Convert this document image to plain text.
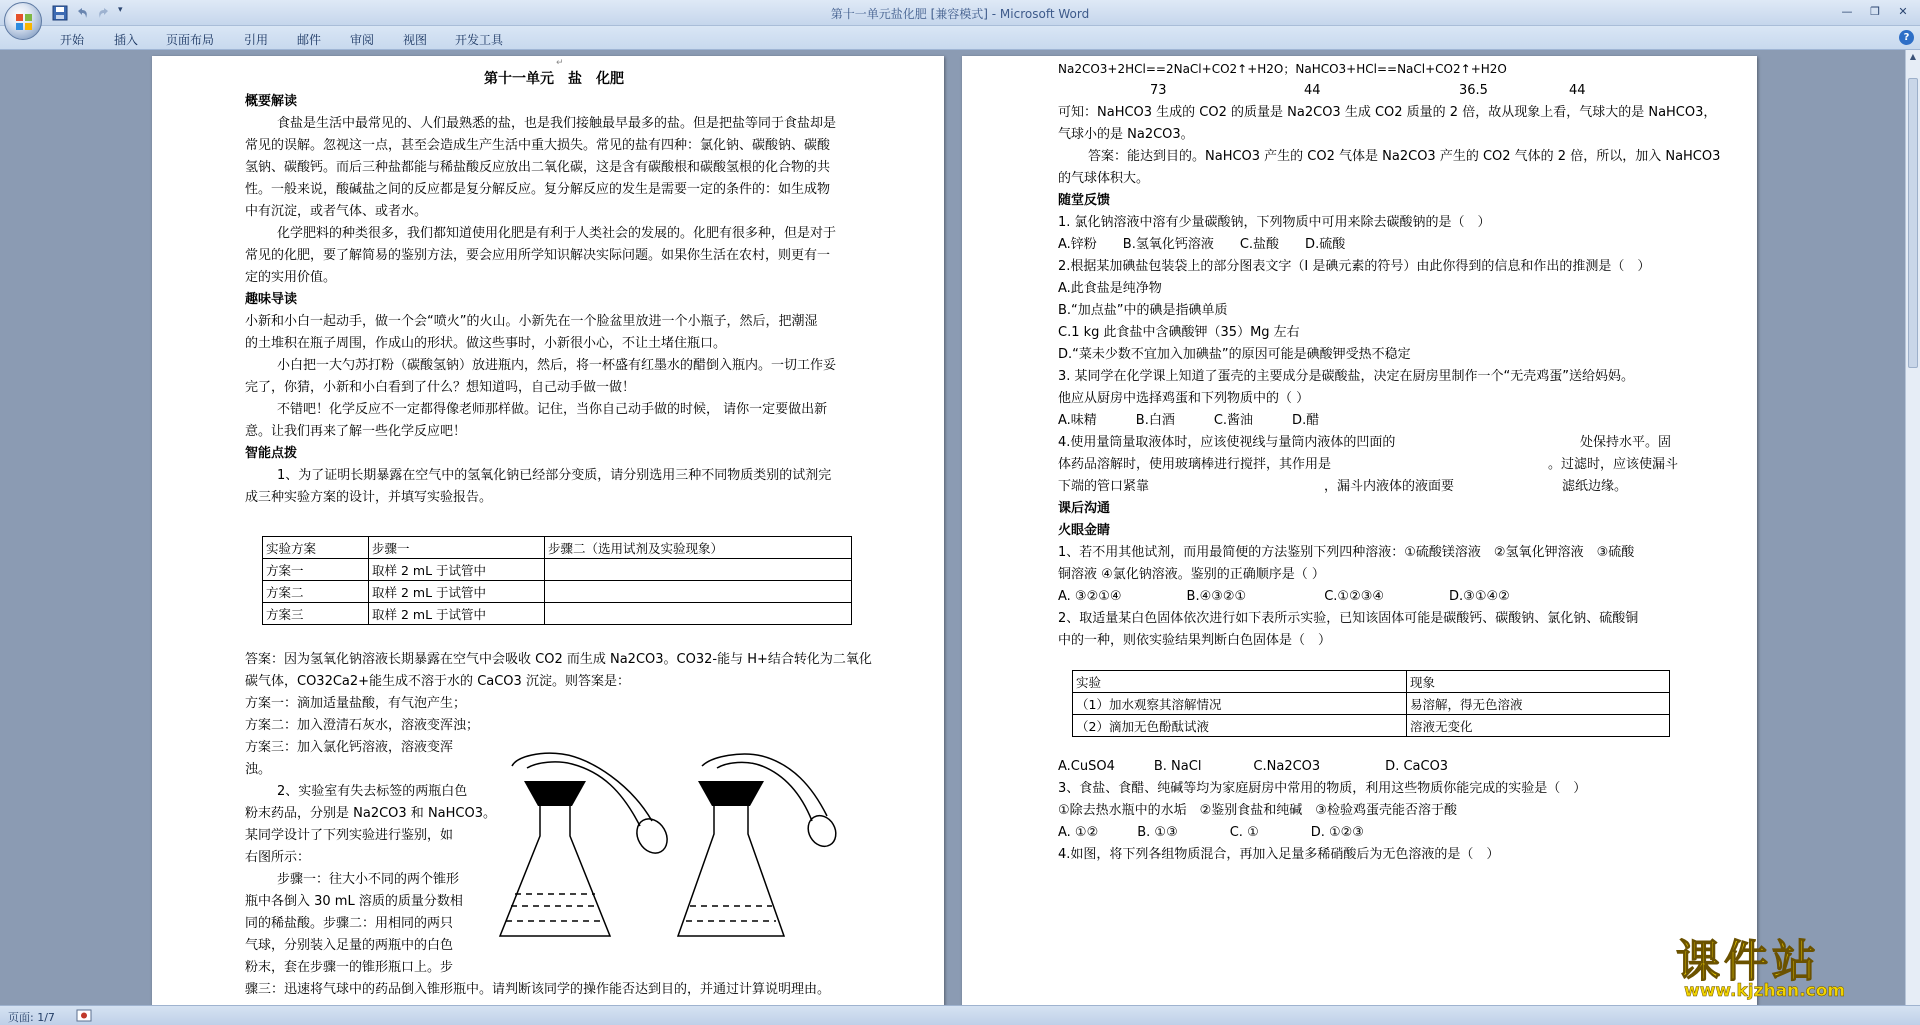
▾	第十一单元盐化肥 [兼容模式] - Microsoft Word	—	❐	✕
开始 插入 页面布局 引用 邮件 审阅 视图 开发工具	?
↵
第十一单元　盐　化肥
概要解读
食盐是生活中最常见的、人们最熟悉的盐，也是我们接触最早最多的盐。但是把盐等同于食盐却是
常见的误解。忽视这一点，甚至会造成生产生活中重大损失。常见的盐有四种：氯化钠、碳酸钠、碳酸
氢钠、碳酸钙。而后三种盐都能与稀盐酸反应放出二氧化碳，这是含有碳酸根和碳酸氢根的化合物的共
性。一般来说，酸碱盐之间的反应都是复分解反应。复分解反应的发生是需要一定的条件的：如生成物
中有沉淀，或者气体、或者水。
化学肥料的种类很多，我们都知道使用化肥是有利于人类社会的发展的。化肥有很多种，但是对于
常见的化肥，要了解简易的鉴别方法，要会应用所学知识解决实际问题。如果你生活在农村，则更有一
定的实用价值。
趣味导读
小新和小白一起动手，做一个会“喷火”的火山。小新先在一个脸盆里放进一个小瓶子，然后，把潮湿
的土堆积在瓶子周围，作成山的形状。做这些事时，小新很小心，不让土堵住瓶口。
小白把一大勺苏打粉（碳酸氢钠）放进瓶内，然后，将一杯盛有红墨水的醋倒入瓶内。一切工作妥
完了，你猜，小新和小白看到了什么？想知道吗，自己动手做一做！
不错吧！化学反应不一定都得像老师那样做。记住，当你自己动手做的时候， 请你一定要做出新
意。让我们再来了解一些化学反应吧！
智能点拨
1、为了证明长期暴露在空气中的氢氧化钠已经部分变质，请分别选用三种不同物质类别的试剂完
成三种实验方案的设计，并填写实验报告。
实验方案	步骤一	步骤二（选用试剂及实验现象）
方案一	取样 2 mL 于试管中	
方案二	取样 2 mL 于试管中	
方案三	取样 2 mL 于试管中	
答案：因为氢氧化钠溶液长期暴露在空气中会吸收 CO2 而生成 Na2CO3。CO32-能与 H+结合转化为二氧化
碳气体，CO32Ca2+能生成不溶于水的 CaCO3 沉淀。则答案是：
方案一：滴加适量盐酸，有气泡产生；
方案二：加入澄清石灰水，溶液变浑浊；
方案三：加入氯化钙溶液，溶液变浑
浊。
2、实验室有失去标签的两瓶白色
粉末药品，分别是 Na2CO3 和 NaHCO3。
某同学设计了下列实验进行鉴别，如
右图所示：
步骤一：往大小不同的两个锥形
瓶中各倒入 30 mL 溶质的质量分数相
同的稀盐酸。步骤二：用相同的两只
气球，分别装入足量的两瓶中的白色
粉末，套在步骤一的锥形瓶口上。步
骤三：迅速将气球中的药品倒入锥形瓶中。请判断该同学的操作能否达到目的，并通过计算说明理由。
Na2CO3+2HCl==2NaCl+CO2↑+H2O；NaHCO3+HCl==NaCl+CO2↑+H2O
73	44	36.5	44
可知：NaHCO3 生成的 CO2 的质量是 Na2CO3 生成 CO2 质量的 2 倍，故从现象上看，气球大的是 NaHCO3，
气球小的是 Na2CO3。
答案：能达到目的。NaHCO3 产生的 CO2 气体是 Na2CO3 产生的 CO2 气体的 2 倍，所以，加入 NaHCO3
的气球体积大。
随堂反馈
1. 氯化钠溶液中溶有少量碳酸钠，下列物质中可用来除去碳酸钠的是（　）
A.锌粉　　B.氢氧化钙溶液　　C.盐酸　　D.硫酸
2.根据某加碘盐包装袋上的部分图表文字（I 是碘元素的符号）由此你得到的信息和作出的推测是（　）
A.此食盐是纯净物
B.“加点盐”中的碘是指碘单质
C.1 kg 此食盐中含碘酸钾（35）Mg 左右
D.“菜未少数不宜加入加碘盐”的原因可能是碘酸钾受热不稳定
3. 某同学在化学课上知道了蛋壳的主要成分是碳酸盐，决定在厨房里制作一个“无壳鸡蛋”送给妈妈。
他应从厨房中选择鸡蛋和下列物质中的（ ）
A.味精　　　B.白酒　　　C.酱油　　　D.醋
4.使用量筒量取液体时，应该使视线与量筒内液体的凹面的	处保持水平。固
体药品溶解时，使用玻璃棒进行搅拌，其作用是	。过滤时，应该使漏斗
下端的管口紧靠	，漏斗内液体的液面要	滤纸边缘。
课后沟通
火眼金睛
1、若不用其他试剂，而用最简便的方法鉴别下列四种溶液：①硫酸镁溶液　②氢氧化钾溶液　③硫酸
铜溶液 ④氯化钠溶液。鉴别的正确顺序是（ ）
A. ③②①④　　　　　B.④③②①　　　　　　C.①②③④　　　　　D.③①④②
2、取适量某白色固体依次进行如下表所示实验，已知该固体可能是碳酸钙、碳酸钠、氯化钠、硫酸铜
中的一种，则依实验结果判断白色固体是（　）
实验	现象
（1）加水观察其溶解情况	易溶解，得无色溶液
（2）滴加无色酚酞试液	溶液无变化
A.CuSO4　　　B. NaCl　　　　C.Na2CO3　　　　　D. CaCO3
3、食盐、食醋、纯碱等均为家庭厨房中常用的物质，利用这些物质你能完成的实验是（　）
①除去热水瓶中的水垢　②鉴别食盐和纯碱　③检验鸡蛋壳能否溶于酸
A. ①②　　　B. ①③　　　　C. ①　　　　D. ①②③
4.如图，将下列各组物质混合，再加入足量多稀硝酸后为无色溶液的是（　）
▲
页面: 1/7
课件站
www.kjzhan.com
